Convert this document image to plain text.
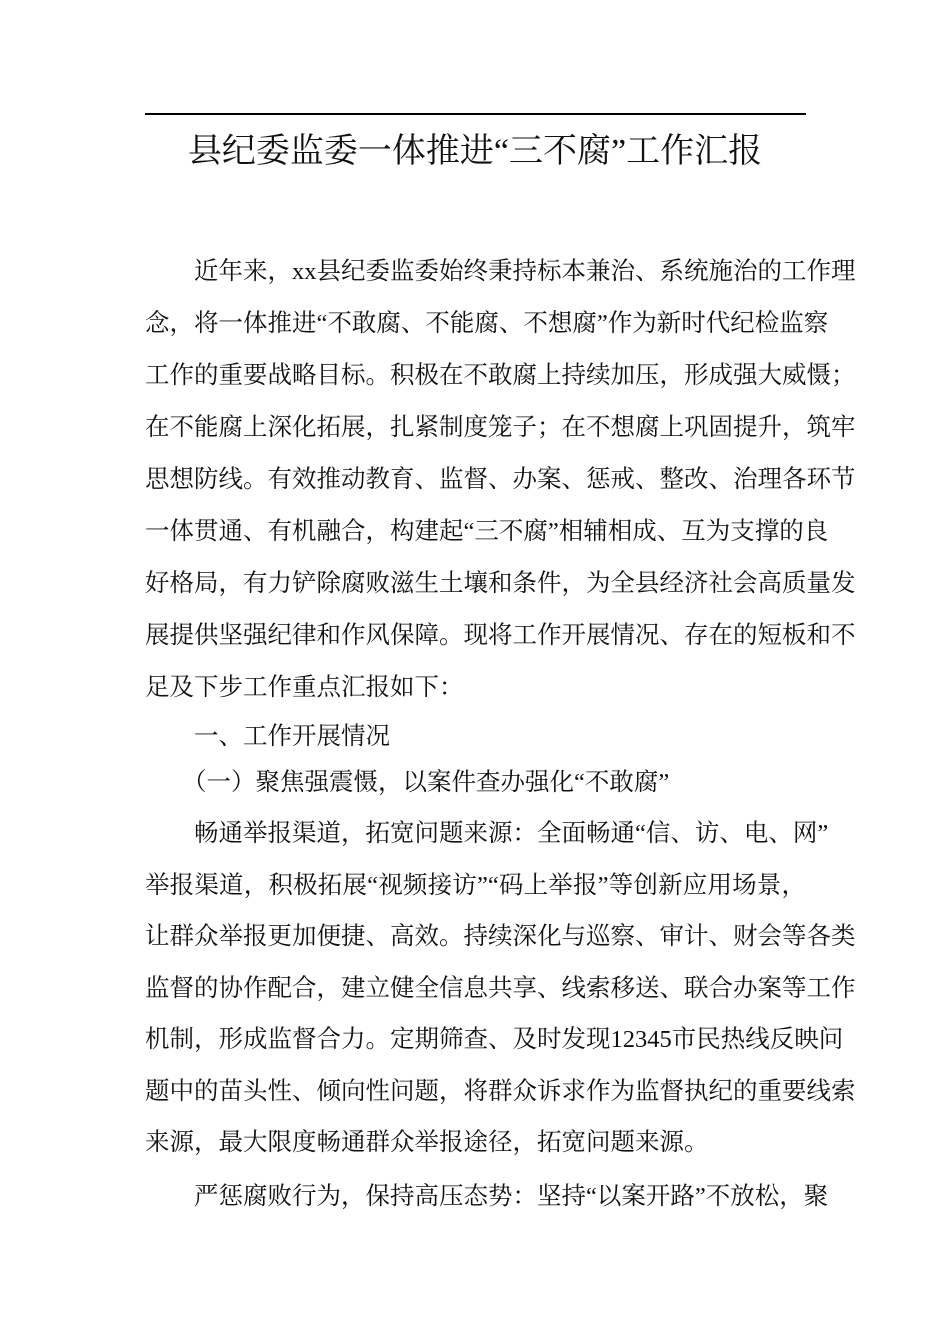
县纪委监委一体推进“三不腐”工作汇报
近年来，xx县纪委监委始终秉持标本兼治、系统施治的工作理
念，将一体推进“不敢腐、不能腐、不想腐”作为新时代纪检监察
工作的重要战略目标。积极在不敢腐上持续加压，形成强大威慑；
在不能腐上深化拓展，扎紧制度笼子；在不想腐上巩固提升，筑牢
思想防线。有效推动教育、监督、办案、惩戒、整改、治理各环节
一体贯通、有机融合，构建起“三不腐”相辅相成、互为支撑的良
好格局，有力铲除腐败滋生土壤和条件，为全县经济社会高质量发
展提供坚强纪律和作风保障。现将工作开展情况、存在的短板和不
足及下步工作重点汇报如下：
一、工作开展情况
（一）聚焦强震慑，以案件查办强化“不敢腐”
畅通举报渠道，拓宽问题来源：全面畅通“信、访、电、网”
举报渠道，积极拓展“视频接访”“码上举报”等创新应用场景，
让群众举报更加便捷、高效。持续深化与巡察、审计、财会等各类
监督的协作配合，建立健全信息共享、线索移送、联合办案等工作
机制，形成监督合力。定期筛查、及时发现12345市民热线反映问
题中的苗头性、倾向性问题，将群众诉求作为监督执纪的重要线索
来源，最大限度畅通群众举报途径，拓宽问题来源。
严惩腐败行为，保持高压态势：坚持“以案开路”不放松，聚
